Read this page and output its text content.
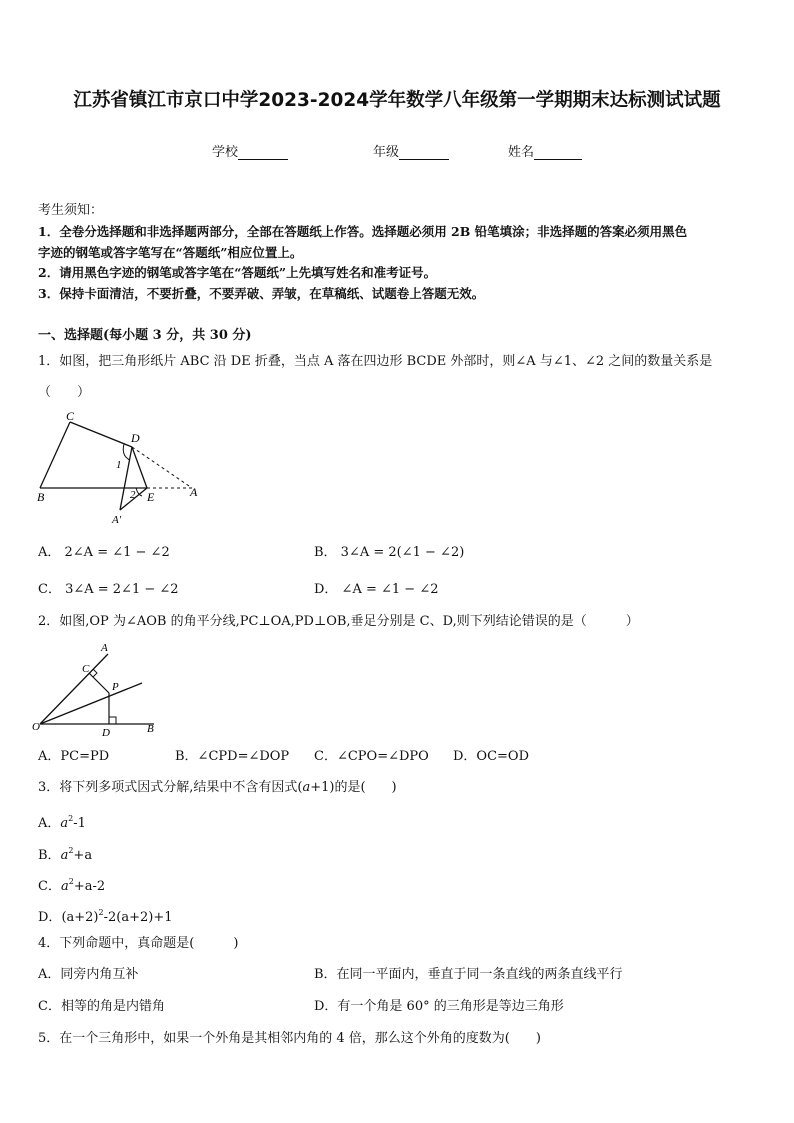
江苏省镇江市京口中学2023-2024学年数学八年级第一学期期末达标测试试题
学校	年级	姓名
考生须知：
1．全卷分选择题和非选择题两部分，全部在答题纸上作答。选择题必须用 2B 铅笔填涂；非选择题的答案必须用黑色
字迹的钢笔或答字笔写在“答题纸”相应位置上。
2．请用黑色字迹的钢笔或答字笔在“答题纸”上先填写姓名和准考证号。
3．保持卡面清洁，不要折叠，不要弄破、弄皱，在草稿纸、试题卷上答题无效。
一、选择题(每小题 3 分，共 30 分)
1．如图，把三角形纸片 ABC 沿 DE 折叠，当点 A 落在四边形 BCDE 外部时，则∠A 与∠1、∠2 之间的数量关系是
（　　）
C
D
B	E	A
A′
1
2
A． 2∠A = ∠1 − ∠2	B． 3∠A = 2(∠1 − ∠2)
C． 3∠A = 2∠1 − ∠2	D． ∠A = ∠1 − ∠2
2．如图,OP 为∠AOB 的角平分线,PC⊥OA,PD⊥OB,垂足分别是 C、D,则下列结论错误的是（　　　）
A
C
P
O	D	B
A．PC=PD	B．∠CPD=∠DOP C．∠CPO=∠DPO D．OC=OD
3．将下列多项式因式分解,结果中不含有因式(a+1)的是(　　)
A．$a^2-1$
B．$a^2+a$
C．$a^2+a-2$
D．$(a+2)^2-2(a+2)+1$
4．下列命题中，真命题是(　　　)
A．同旁内角互补	B．在同一平面内，垂直于同一条直线的两条直线平行
C．相等的角是内错角	D．有一个角是 60° 的三角形是等边三角形
5．在一个三角形中，如果一个外角是其相邻内角的 4 倍，那么这个外角的度数为(　　)
